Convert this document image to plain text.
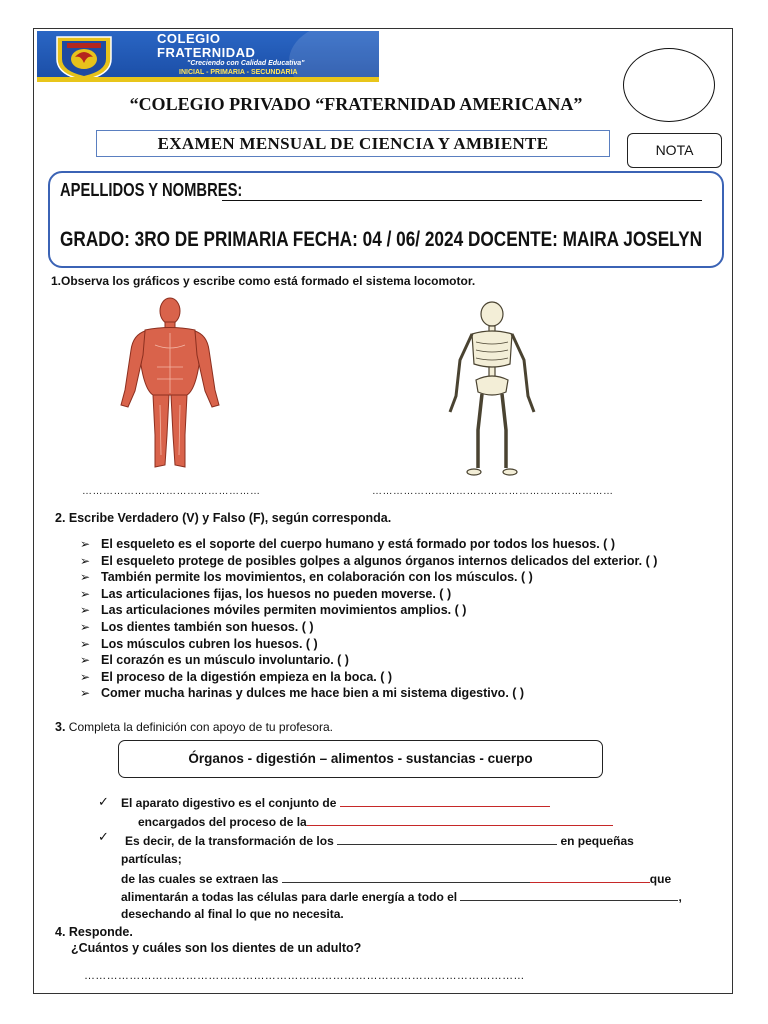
COLEGIO
FRATERNIDAD
"Creciendo con Calidad Educativa"
INICIAL - PRIMARIA - SECUNDARIA
“COLEGIO PRIVADO “FRATERNIDAD AMERICANA”
EXAMEN MENSUAL DE CIENCIA Y AMBIENTE	NOTA
APELLIDOS Y NOMBRES:
GRADO: 3RO DE PRIMARIA FECHA: 04 / 06/ 2024 DOCENTE: MAIRA JOSELYN
1.Observa los gráficos y escribe como está formado el sistema locomotor.
……………………………………………	……………………………………………………………
2. Escribe Verdadero (V) y Falso (F), según corresponda.
➢ El esqueleto es el soporte del cuerpo humano y está formado por todos los huesos. ( )
➢ El esqueleto protege de posibles golpes a algunos órganos internos delicados del exterior. ( )
➢ También permite los movimientos, en colaboración con los músculos. ( )
➢ Las articulaciones fijas, los huesos no pueden moverse. ( )
➢ Las articulaciones móviles permiten movimientos amplios. ( )
➢ Los dientes también son huesos. ( )
➢ Los músculos cubren los huesos. ( )
➢ El corazón es un músculo involuntario. ( )
➢ El proceso de la digestión empieza en la boca. ( )
➢ Comer mucha harinas y dulces me hace bien a mi sistema digestivo. ( )
3. Completa la definición con apoyo de tu profesora.
Órganos - digestión – alimentos - sustancias - cuerpo
✓ El aparato digestivo es el conjunto de
encargados del proceso de la
✓ Es decir, de la transformación de los	en pequeñas
partículas;
de las cuales se extraen las	que
alimentarán a todas las células para darle energía a todo el	,
desechando al final lo que no necesita.
4. Responde.
¿Cuántos y cuáles son los dientes de un adulto?
………………………………………………………………………………………………………
